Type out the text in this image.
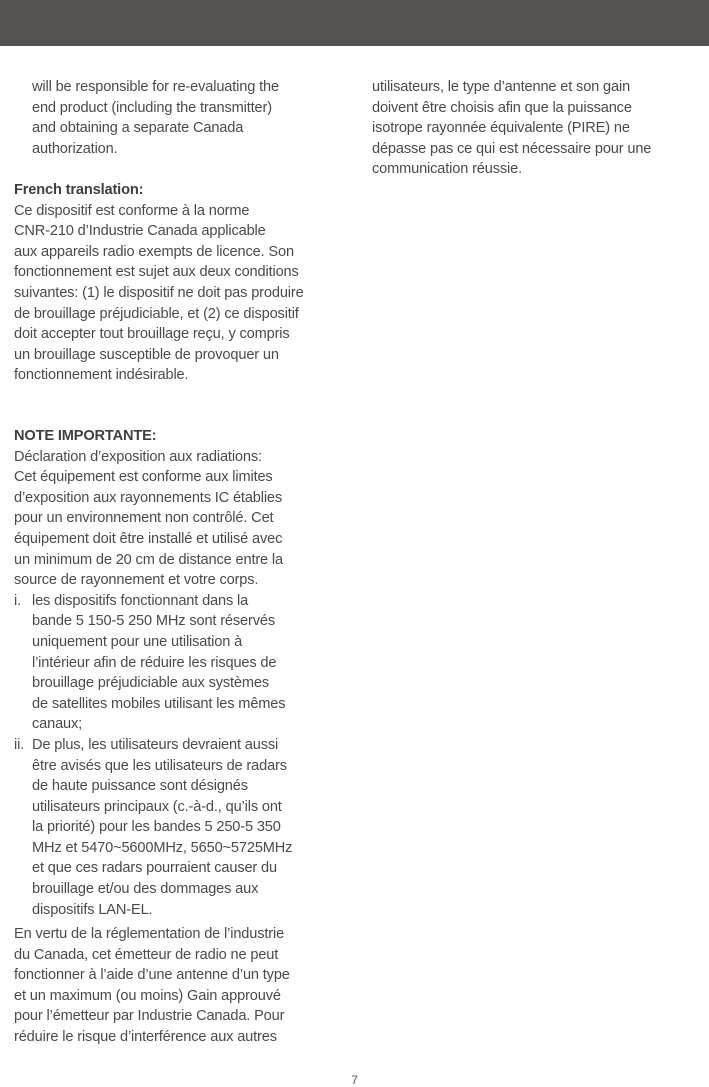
will be responsible for re-evaluating the
end product (including the transmitter)
and obtaining a separate Canada
authorization.
French translation:
Ce dispositif est conforme à la norme
CNR-210 d’Industrie Canada applicable
aux appareils radio exempts de licence. Son
fonctionnement est sujet aux deux conditions
suivantes: (1) le dispositif ne doit pas produire
de brouillage préjudiciable, et (2) ce dispositif
doit accepter tout brouillage reçu, y compris
un brouillage susceptible de provoquer un
fonctionnement indésirable.
NOTE IMPORTANTE:
Déclaration d’exposition aux radiations:
Cet équipement est conforme aux limites
d’exposition aux rayonnements IC établies
pour un environnement non contrôlé. Cet
équipement doit être installé et utilisé avec
un minimum de 20 cm de distance entre la
source de rayonnement et votre corps.
i. les dispositifs fonctionnant dans la
bande 5 150-5 250 MHz sont réservés
uniquement pour une utilisation à
l’intérieur afin de réduire les risques de
brouillage préjudiciable aux systèmes
de satellites mobiles utilisant les mêmes
canaux;
ii. De plus, les utilisateurs devraient aussi
être avisés que les utilisateurs de radars
de haute puissance sont désignés
utilisateurs principaux (c.-à-d., qu’ils ont
la priorité) pour les bandes 5 250-5 350
MHz et 5470~5600MHz, 5650~5725MHz
et que ces radars pourraient causer du
brouillage et/ou des dommages aux
dispositifs LAN-EL.
En vertu de la réglementation de l’industrie
du Canada, cet émetteur de radio ne peut
fonctionner à l’aide d’une antenne d’un type
et un maximum (ou moins) Gain approuvé
pour l’émetteur par Industrie Canada. Pour
réduire le risque d’interférence aux autres
utilisateurs, le type d’antenne et son gain
doivent être choisis afin que la puissance
isotrope rayonnée équivalente (PIRE) ne
dépasse pas ce qui est nécessaire pour une
communication réussie.
7
